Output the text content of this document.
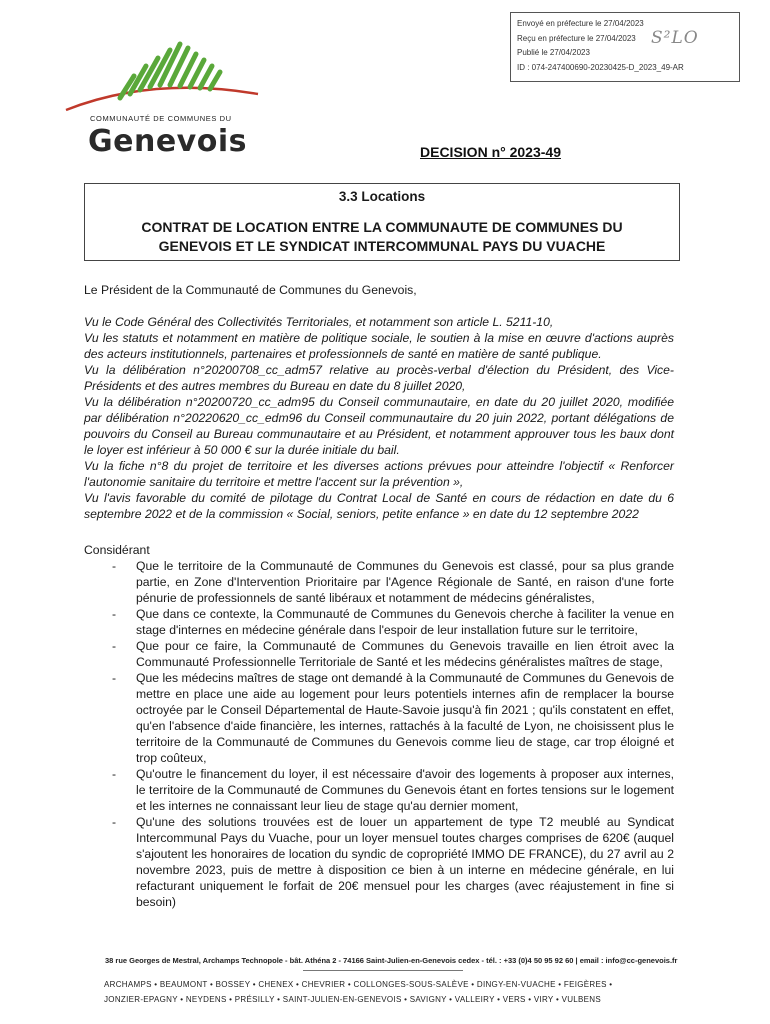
COMMUNAUTÉ DE COMMUNES DU
Genevois
Envoyé en préfecture le 27/04/2023
Reçu en préfecture le 27/04/2023
Publié le 27/04/2023
ID : 074-247400690-20230425-D_2023_49-AR
S²LO
DECISION n° 2023-49
3.3 Locations
CONTRAT DE LOCATION ENTRE LA COMMUNAUTE DE COMMUNES DU
GENEVOIS ET LE SYNDICAT INTERCOMMUNAL PAYS DU VUACHE

Le Président de la Communauté de Communes du Genevois,

Vu le Code Général des Collectivités Territoriales, et notamment son article L. 5211-10,

Vu les statuts et notamment en matière de politique sociale, le soutien à la mise en œuvre d'actions auprès des acteurs institutionnels, partenaires et professionnels de santé en matière de santé publique.

Vu la délibération n°20200708_cc_adm57 relative au procès-verbal d'élection du Président, des Vice-Présidents et des autres membres du Bureau en date du 8 juillet 2020,

Vu la délibération n°20200720_cc_adm95 du Conseil communautaire, en date du 20 juillet 2020, modifiée par délibération n°20220620_cc_edm96 du Conseil communautaire du 20 juin 2022, portant délégations de pouvoirs du Conseil au Bureau communautaire et au Président, et notamment approuver tous les baux dont le loyer est inférieur à 50 000 € sur la durée initiale du bail.

Vu la fiche n°8 du projet de territoire et les diverses actions prévues pour atteindre l'objectif « Renforcer l'autonomie sanitaire du territoire et mettre l'accent sur la prévention »,

Vu l'avis favorable du comité de pilotage du Contrat Local de Santé en cours de rédaction en date du 6 septembre 2022 et de la commission « Social, seniors, petite enfance » en date du 12 septembre 2022

Considérant

- Que le territoire de la Communauté de Communes du Genevois est classé, pour sa plus grande partie, en Zone d'Intervention Prioritaire par l'Agence Régionale de Santé, en raison d'une forte pénurie de professionnels de santé libéraux et notamment de médecins généralistes,
- Que dans ce contexte, la Communauté de Communes du Genevois cherche à faciliter la venue en stage d'internes en médecine générale dans l'espoir de leur installation future sur le territoire,
- Que pour ce faire, la Communauté de Communes du Genevois travaille en lien étroit avec la Communauté Professionnelle Territoriale de Santé et les médecins généralistes maîtres de stage,
- Que les médecins maîtres de stage ont demandé à la Communauté de Communes du Genevois de mettre en place une aide au logement pour leurs potentiels internes afin de remplacer la bourse octroyée par le Conseil Départemental de Haute-Savoie jusqu'à fin 2021 ; qu'ils constatent en effet, qu'en l'absence d'aide financière, les internes, rattachés à la faculté de Lyon, ne choisissent plus le territoire de la Communauté de Communes du Genevois comme lieu de stage, car trop éloigné et trop coûteux,
- Qu'outre le financement du loyer, il est nécessaire d'avoir des logements à proposer aux internes, le territoire de la Communauté de Communes du Genevois étant en fortes tensions sur le logement et les internes ne connaissant leur lieu de stage qu'au dernier moment,
- Qu'une des solutions trouvées est de louer un appartement de type T2 meublé au Syndicat Intercommunal Pays du Vuache, pour un loyer mensuel toutes charges comprises de 620€ (auquel s'ajoutent les honoraires de location du syndic de copropriété IMMO DE FRANCE), du 27 avril au 2 novembre 2023, puis de mettre à disposition ce bien à un interne en médecine générale, en lui refacturant uniquement le forfait de 20€ mensuel pour les charges (avec réajustement in fine si besoin)
38 rue Georges de Mestral, Archamps Technopole - bât. Athéna 2 - 74166 Saint-Julien-en-Genevois cedex - tél. : +33 (0)4 50 95 92 60 | email : info@cc-genevois.fr
ARCHAMPS • BEAUMONT • BOSSEY • CHENEX • CHEVRIER • COLLONGES-SOUS-SALÈVE • DINGY-EN-VUACHE • FEIGÈRES •
JONZIER-EPAGNY • NEYDENS • PRÉSILLY • SAINT-JULIEN-EN-GENEVOIS • SAVIGNY • VALLEIRY • VERS • VIRY • VULBENS
